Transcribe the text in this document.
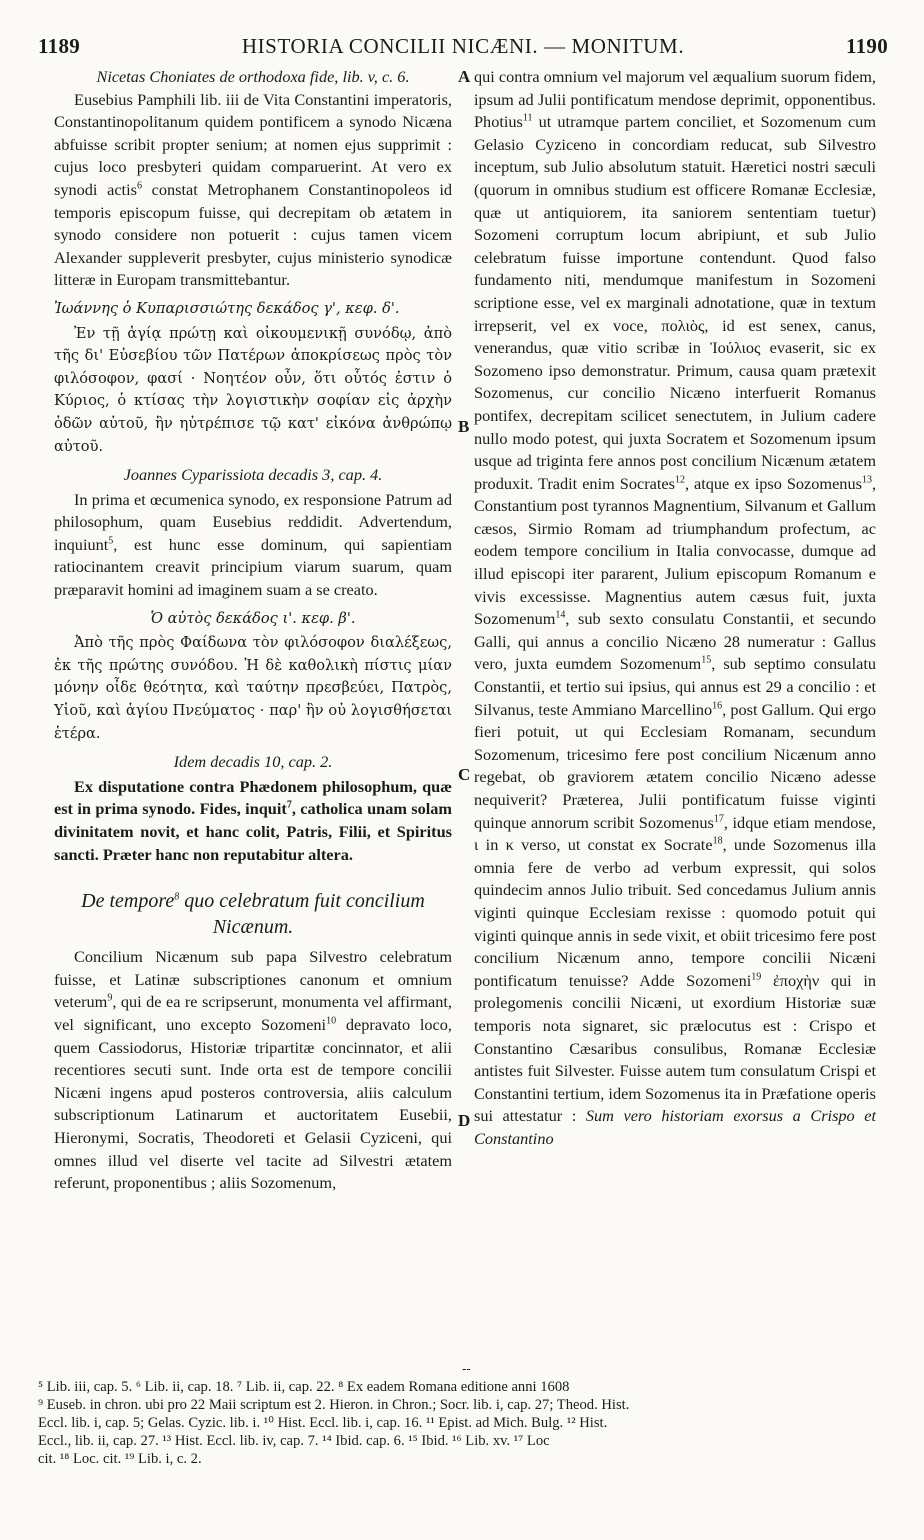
1189	HISTORIA CONCILII NICÆNI. — MONITUM.	1190
A
B
C
D

Nicetas Choniates de orthodoxa fide, lib. v, c. 6.

Eusebius Pamphili lib. iii de Vita Constantini imperatoris, Constantinopolitanum quidem pontificem a synodo Nicæna abfuisse scribit propter senium; at nomen ejus supprimit : cujus loco presbyteri quidam comparuerint. At vero ex synodi actis$^6$ constat Metrophanem Constantinopoleos id temporis episcopum fuisse, qui decrepitam ob ætatem in synodo considere non potuerit : cujus tamen vicem Alexander suppleverit presbyter, cujus ministerio synodicæ litteræ in Europam transmittebantur.

Ἰωάννης ὁ Κυπαρισσιώτης δεκάδος γ', κεφ. δ'.

Ἐν τῇ ἁγίᾳ πρώτῃ καὶ οἰκουμενικῇ συνόδῳ, ἀπὸ τῆς δι' Εὐσεβίου τῶν Πατέρων ἀποκρίσεως πρὸς τὸν φιλόσοφον, φασί · Νοητέον οὖν, ὅτι οὗτός ἐστιν ὁ Κύριος, ὁ κτίσας τὴν λογιστικὴν σοφίαν εἰς ἀρχὴν ὁδῶν αὐτοῦ, ἣν ηὐτρέπισε τῷ κατ' εἰκόνα ἀνθρώπῳ αὐτοῦ.

Joannes Cyparissiota decadis 3, cap. 4.

In prima et œcumenica synodo, ex responsione Patrum ad philosophum, quam Eusebius reddidit. Advertendum, inquiunt$^5$, est hunc esse dominum, qui sapientiam ratiocinantem creavit principium viarum suarum, quam præparavit homini ad imaginem suam a se creato.

Ὁ αὐτὸς δεκάδος ι'. κεφ. β'.

Ἀπὸ τῆς πρὸς Φαίδωνα τὸν φιλόσοφον διαλέξεως, ἐκ τῆς πρώτης συνόδου. Ἡ δὲ καθολικὴ πίστις μίαν μόνην οἶδε θεότητα, καὶ ταύτην πρεσβεύει, Πατρὸς, Υἱοῦ, καὶ ἁγίου Πνεύματος · παρ' ἣν οὐ λογισθήσεται ἑτέρα.

Idem decadis 10, cap. 2.

Ex disputatione contra Phædonem philosophum, quæ est in prima synodo. Fides, inquit$^7$, catholica unam solam divinitatem novit, et hanc colit, Patris, Filii, et Spiritus sancti. Præter hanc non reputabitur altera.

De tempore$^8$ quo celebratum fuit concilium Nicænum.

Concilium Nicænum sub papa Silvestro celebratum fuisse, et Latinæ subscriptiones canonum et omnium veterum$^9$, qui de ea re scripserunt, monumenta vel affirmant, vel significant, uno excepto Sozomeni$^{10}$ depravato loco, quem Cassiodorus, Historiæ tripartitæ concinnator, et alii recentiores secuti sunt. Inde orta est de tempore concilii Nicæni ingens apud posteros controversia, aliis calculum subscriptionum Latinarum et auctoritatem Eusebii, Hieronymi, Socratis, Theodoreti et Gelasii Cyziceni, qui omnes illud vel diserte vel tacite ad Silvestri ætatem referunt, proponentibus ; aliis Sozomenum,

qui contra omnium vel majorum vel æqualium suorum fidem, ipsum ad Julii pontificatum mendose deprimit, opponentibus. Photius$^{11}$ ut utramque partem conciliet, et Sozomenum cum Gelasio Cyziceno in concordiam reducat, sub Silvestro inceptum, sub Julio absolutum statuit. Hæretici nostri sæculi (quorum in omnibus studium est officere Romanæ Ecclesiæ, quæ ut antiquiorem, ita saniorem sententiam tuetur) Sozomeni corruptum locum abripiunt, et sub Julio celebratum fuisse importune contendunt. Quod falso fundamento niti, mendumque manifestum in Sozomeni scriptione esse, vel ex marginali adnotatione, quæ in textum irrepserit, vel ex voce, πολιὸς, id est senex, canus, venerandus, quæ vitio scribæ in Ἰούλιος evaserit, sic ex Sozomeno ipso demonstratur. Primum, causa quam prætexit Sozomenus, cur concilio Nicæno interfuerit Romanus pontifex, decrepitam scilicet senectutem, in Julium cadere nullo modo potest, qui juxta Socratem et Sozomenum ipsum usque ad triginta fere annos post concilium Nicænum ætatem produxit. Tradit enim Socrates$^{12}$, atque ex ipso Sozomenus$^{13}$, Constantium post tyrannos Magnentium, Silvanum et Gallum cæsos, Sirmio Romam ad triumphandum profectum, ac eodem tempore concilium in Italia convocasse, dumque ad illud episcopi iter pararent, Julium episcopum Romanum e vivis excessisse. Magnentius autem cæsus fuit, juxta Sozomenum$^{14}$, sub sexto consulatu Constantii, et secundo Galli, qui annus a concilio Nicæno 28 numeratur : Gallus vero, juxta eumdem Sozomenum$^{15}$, sub septimo consulatu Constantii, et tertio sui ipsius, qui annus est 29 a concilio : et Silvanus, teste Ammiano Marcellino$^{16}$, post Gallum. Qui ergo fieri potuit, ut qui Ecclesiam Romanam, secundum Sozomenum, tricesimo fere post concilium Nicænum anno regebat, ob graviorem ætatem concilio Nicæno adesse nequiverit? Præterea, Julii pontificatum fuisse viginti quinque annorum scribit Sozomenus$^{17}$, idque etiam mendose, ι in κ verso, ut constat ex Socrate$^{18}$, unde Sozomenus illa omnia fere de verbo ad verbum expressit, qui solos quindecim annos Julio tribuit. Sed concedamus Julium annis viginti quinque Ecclesiam rexisse : quomodo potuit qui viginti quinque annis in sede vixit, et obiit tricesimo fere post concilium Nicænum anno, tempore concilii Nicæni pontificatum tenuisse? Adde Sozomeni$^{19}$ ἐποχὴν qui in prolegomenis concilii Nicæni, ut exordium Historiæ suæ temporis nota signaret, sic prælocutus est : Crispo et Constantino Cæsaribus consulibus, Romanæ Ecclesiæ antistes fuit Silvester. Fuisse autem tum consulatum Crispi et Constantini tertium, idem Sozomenus ita in Præfatione operis sui attestatur : Sum vero historiam exorsus a Crispo et Constantino

--

⁵ Lib. iii, cap. 5. ⁶ Lib. ii, cap. 18. ⁷ Lib. ii, cap. 22. ⁸ Ex eadem Romana editione anni 1608

⁹ Euseb. in chron. ubi pro 22 Maii scriptum est 2. Hieron. in Chron.; Socr. lib. i, cap. 27; Theod. Hist.

Eccl. lib. i, cap. 5; Gelas. Cyzic. lib. i. ¹⁰ Hist. Eccl. lib. i, cap. 16. ¹¹ Epist. ad Mich. Bulg. ¹² Hist.

Eccl., lib. ii, cap. 27. ¹³ Hist. Eccl. lib. iv, cap. 7. ¹⁴ Ibid. cap. 6. ¹⁵ Ibid. ¹⁶ Lib. xv. ¹⁷ Loc

cit. ¹⁸ Loc. cit. ¹⁹ Lib. i, c. 2.
